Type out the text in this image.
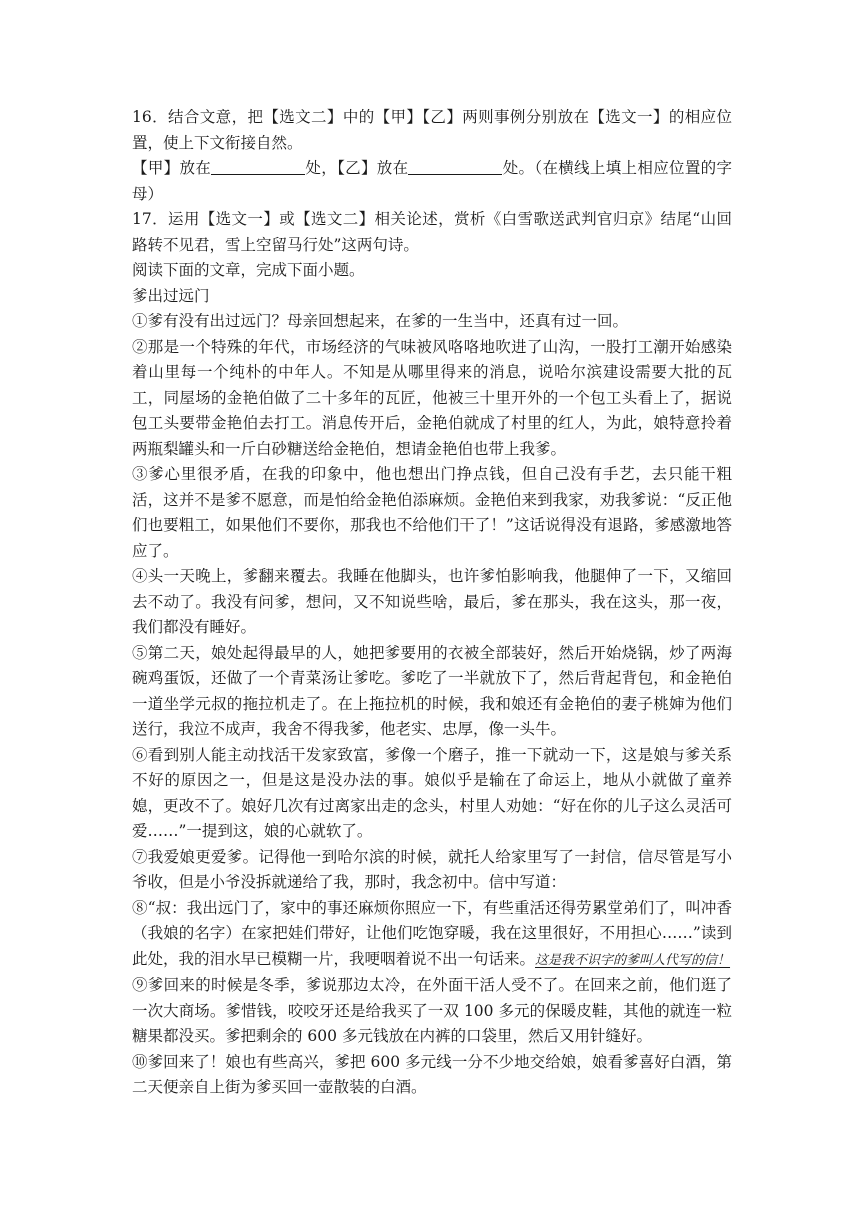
16．结合文意，把【选文二】中的【甲】【乙】两则事例分别放在【选文一】的相应位置，使上下文衔接自然。

【甲】放在	处，【乙】放在	处。（在横线上填上相应位置的字母）

17．运用【选文一】或【选文二】相关论述，赏析《白雪歌送武判官归京》结尾“山回路转不见君，雪上空留马行处”这两句诗。

阅读下面的文章，完成下面小题。

爹出过远门

①爹有没有出过远门？母亲回想起来，在爹的一生当中，还真有过一回。

②那是一个特殊的年代，市场经济的气味被风咯咯地吹进了山沟，一股打工潮开始感染着山里每一个纯朴的中年人。不知是从哪里得来的消息，说哈尔滨建设需要大批的瓦工，同屋场的金艳伯做了二十多年的瓦匠，他被三十里开外的一个包工头看上了，据说包工头要带金艳伯去打工。消息传开后，金艳伯就成了村里的红人，为此，娘特意拎着两瓶梨罐头和一斤白砂糖送给金艳伯，想请金艳伯也带上我爹。

③爹心里很矛盾，在我的印象中，他也想出门挣点钱，但自己没有手艺，去只能干粗活，这并不是爹不愿意，而是怕给金艳伯添麻烦。金艳伯来到我家，劝我爹说：“反正他们也要粗工，如果他们不要你，那我也不给他们干了！”这话说得没有退路，爹感激地答应了。

④头一天晚上，爹翻来覆去。我睡在他脚头，也许爹怕影响我，他腿伸了一下，又缩回去不动了。我没有问爹，想问，又不知说些啥，最后，爹在那头，我在这头，那一夜，我们都没有睡好。

⑤第二天，娘处起得最早的人，她把爹要用的衣被全部装好，然后开始烧锅，炒了两海碗鸡蛋饭，还做了一个青菜汤让爹吃。爹吃了一半就放下了，然后背起背包，和金艳伯一道坐学元叔的拖拉机走了。在上拖拉机的时候，我和娘还有金艳伯的妻子桃婶为他们送行，我泣不成声，我舍不得我爹，他老实、忠厚，像一头牛。

⑥看到别人能主动找活干发家致富，爹像一个磨子，推一下就动一下，这是娘与爹关系不好的原因之一，但是这是没办法的事。娘似乎是输在了命运上，地从小就做了童养媳，更改不了。娘好几次有过离家出走的念头，村里人劝她：“好在你的儿子这么灵活可爱……”一提到这，娘的心就软了。

⑦我爱娘更爱爹。记得他一到哈尔滨的时候，就托人给家里写了一封信，信尽管是写小爷收，但是小爷没拆就递给了我，那时，我念初中。信中写道：

⑧“叔：我出远门了，家中的事还麻烦你照应一下，有些重活还得劳累堂弟们了，叫冲香（我娘的名字）在家把娃们带好，让他们吃饱穿暖，我在这里很好，不用担心……”读到此处，我的泪水早已模糊一片，我哽咽着说不出一句话来。这是我不识字的爹叫人代写的信！

⑨爹回来的时候是冬季，爹说那边太冷，在外面干活人受不了。在回来之前，他们逛了一次大商场。爹惜钱，咬咬牙还是给我买了一双 100 多元的保暖皮鞋，其他的就连一粒糖果都没买。爹把剩余的 600 多元钱放在内裤的口袋里，然后又用针缝好。

⑩爹回来了！娘也有些高兴，爹把 600 多元线一分不少地交给娘，娘看爹喜好白酒，第二天便亲自上街为爹买回一壶散装的白酒。
